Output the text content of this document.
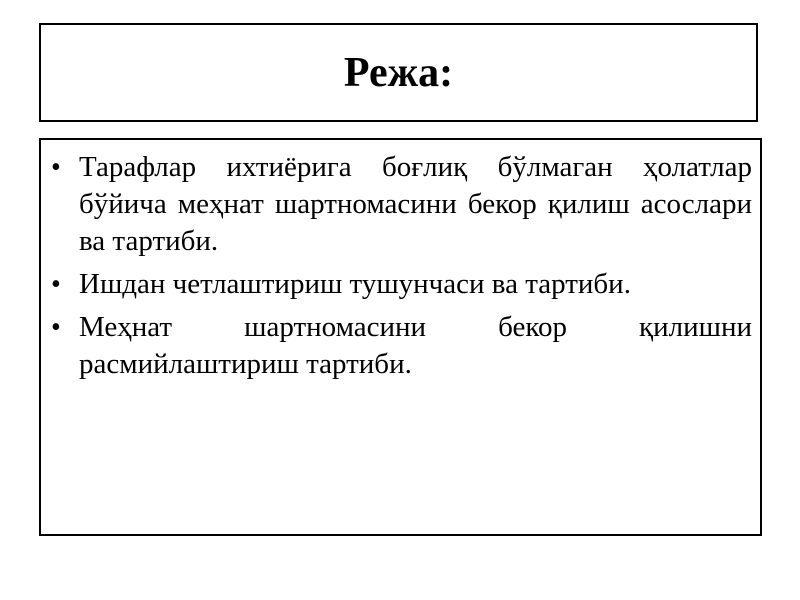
Режа:
• Тарафлар ихтиёрига боғлиқ бўлмаган ҳолатлар бўйича меҳнат шартномасини бекор қилиш асослари ва тартиби.
• Ишдан четлаштириш тушунчаси ва тартиби.
• Меҳнат шартномасини бекор қилишни расмийлаштириш тартиби.
